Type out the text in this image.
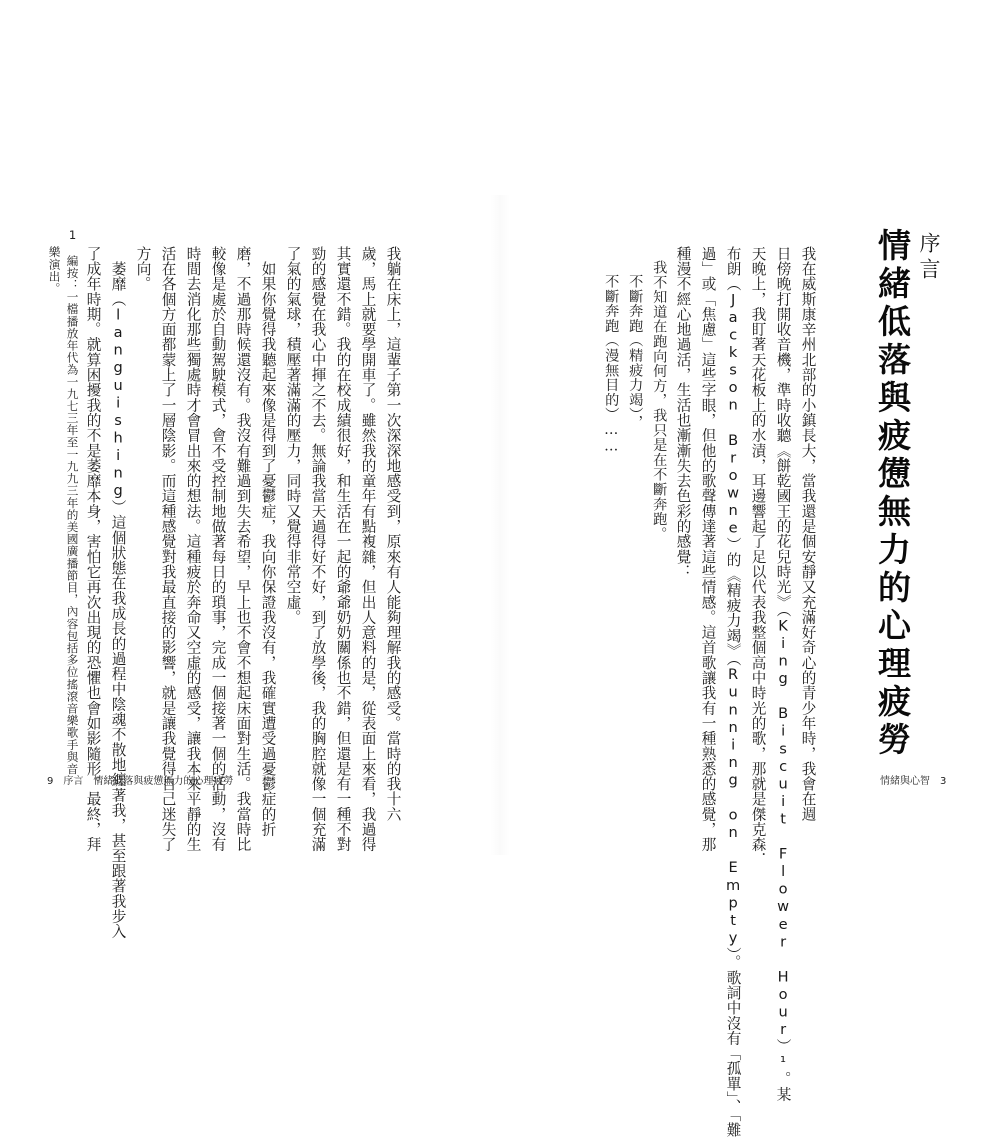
序言
情緒低落與疲憊無力的心理疲勞
我在威斯康辛州北部的小鎮長大，當我還是個安靜又充滿好奇心的青少年時，我會在週
日傍晚打開收音機，準時收聽《餅乾國王的花兒時光》（King Biscuit Flower Hour）¹。某
天晚上，我盯著天花板上的水漬，耳邊響起了足以代表我整個高中時光的歌，那就是傑克森．
布朗（Jackson Browne）的《精疲力竭》（Running on Empty）。歌詞中沒有「孤單」、「難
過」或「焦慮」這些字眼，但他的歌聲傳達著這些情感。這首歌讓我有一種熟悉的感覺，那
種漫不經心地過活，生活也漸漸失去色彩的感覺：
我不知道在跑向何方，我只是在不斷奔跑。
不斷奔跑（精疲力竭），
不斷奔跑（漫無目的）……
情緒與心智　3
我躺在床上，這輩子第一次深深地感受到，原來有人能夠理解我的感受。當時的我十六
歲，馬上就要學開車了。雖然我的童年有點複雜，但出人意料的是，從表面上來看，我過得
其實還不錯。我的在校成績很好，和生活在一起的爺爺奶奶關係也不錯，但還是有一種不對
勁的感覺在我心中揮之不去。無論我當天過得好不好，到了放學後，我的胸腔就像一個充滿
了氣的氣球，積壓著滿滿的壓力，同時又覺得非常空虛。
　如果你覺得我聽起來像是得到了憂鬱症，我向你保證我沒有，我確實遭受過憂鬱症的折
磨，不過那時候還沒有。我沒有難過到失去希望，早上也不會不想起床面對生活。我當時比
較像是處於自動駕駛模式，會不受控制地做著每日的瑣事，完成一個接著一個的活動，沒有
時間去消化那些獨處時才會冒出來的想法。這種疲於奔命又空虛的感受，讓我本來平靜的生
活在各個方面都蒙上了一層陰影。而這種感覺對我最直接的影響，就是讓我覺得自己迷失了
方向。
　萎靡（languishing）這個狀態在我成長的過程中陰魂不散地纏著我，甚至跟著我步入
了成年時期。就算困擾我的不是萎靡本身，害怕它再次出現的恐懼也會如影隨形。最終，拜
1　編按：一檔播放年代為一九七三年至一九九三年的美國廣播節目，內容包括多位搖滾音樂歌手與音
樂演出。
9　序言　情緒低落與疲憊無力的心理疲勞
